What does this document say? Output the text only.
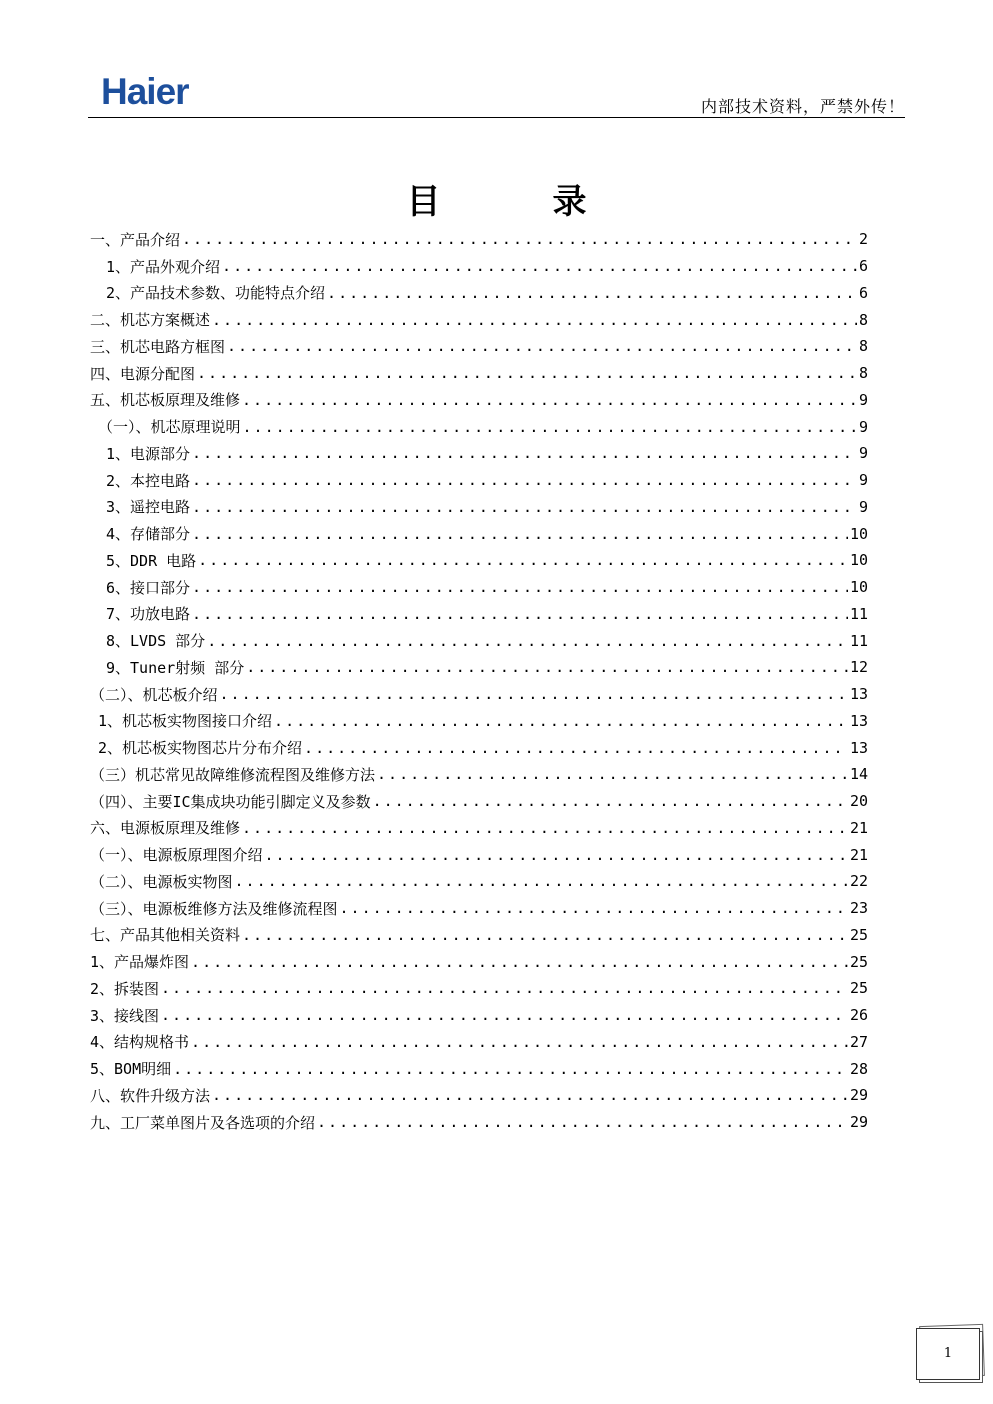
Haier	内部技术资料，严禁外传！
目录
一、产品介绍 .....	2
1、产品外观介绍 .....	6
2、产品技术参数、功能特点介绍 .....	6
二、机芯方案概述 .....	8
三、机芯电路方框图 .....	8
四、电源分配图 .....	8
五、机芯板原理及维修 .....	9
（一）、机芯原理说明 .....	9
1、电源部分 .....	9
2、本控电路 .....	9
3、遥控电路 .....	9
4、存储部分 .....	10
5、DDR 电路 .....	10
6、接口部分 .....	10
7、功放电路 .....	11
8、LVDS 部分 .....	11
9、Tuner射频 部分 .....	12
（二）、机芯板介绍 .....	13
1、机芯板实物图接口介绍 .....	13
2、机芯板实物图芯片分布介绍 .....	13
（三）机芯常见故障维修流程图及维修方法 .....	14
（四）、主要IC集成块功能引脚定义及参数 .....	20
六、电源板原理及维修 .....	21
（一）、电源板原理图介绍 .....	21
（二）、电源板实物图 .....	22
（三）、电源板维修方法及维修流程图 .....	23
七、产品其他相关资料 .....	25
1、产品爆炸图 .....	25
2、拆装图 .....	25
3、接线图 .....	26
4、结构规格书 .....	27
5、BOM明细 .....	28
八、软件升级方法 .....	29
九、工厂菜单图片及各选项的介绍 .....	29
1
